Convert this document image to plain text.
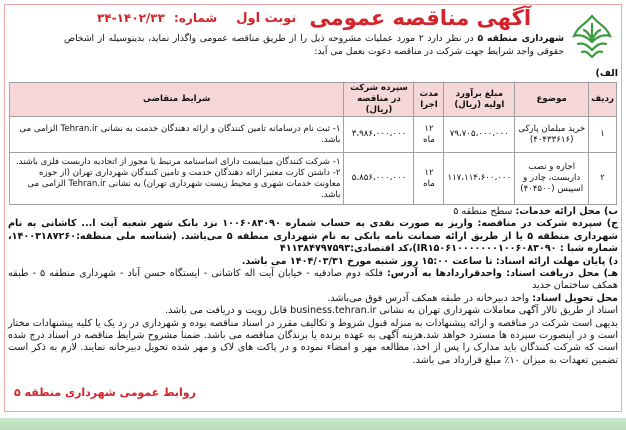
آگهی مناقصه عمومی نوبت اول شماره: ۳۴-۱۴۰۲/۳۳
شهرداری منطقه ۵ در نظر دارد ۲ مورد عملیات مشروحه ذیل را از طریق مناقصه عمومی واگذار نماید، بدینوسیله از اشخاص حقوقی واجد شرایط جهت شرکت در مناقصه دعوت بعمل می آید:
الف)
ردیف	موضوع	مبلغ برآورد اولیه (ریال)	مدت اجرا	سپرده شرکت در مناقصه (ریال)	شرایط متقاضی
۱	خرید مبلمان پارکی (۴۰۴۳۳۶۱۶)	۷۹،۷۰۵،۰۰۰،۰۰۰	۱۲ ماه	۳،۹۸۶،۰۰۰،۰۰۰	۱- ثبت نام درسامانه تامین کنندگان و ارائه دهندگان خدمت به نشانی Tehran.ir الزامی می باشد.
۲	اجاره و نصب داربست، چادر و اسپیس (۴۰۴۵۰۰)	۱۱۷،۱۱۴،۶۰۰،۰۰۰	۱۲ ماه	۵،۸۵۶،۰۰۰،۰۰۰	۱- شرکت کنندگان میبایست دارای اساسنامه مرتبط یا مجوز از اتحادیه داربست فلزی باشند. ۲- داشتن کارت معتبر ارائه دهندگان خدمت و تامین کنندگان شهرداری تهران (از حوزه معاونت خدمات شهری و محیط زیست شهرداری تهران) به نشانی Tehran.ir الزامی می باشد.

ب) محل ارائه خدمات: سطح منطقه ۵

ج) سپرده شرکت در مناقصه: واریز به صورت نقدی به حساب شماره ۱۰۰۶۰۸۳۰۹۰ نزد بانک شهر شعبه آیت ا... کاشانی به نام شهرداری منطقه ۵ یا از طریق ارائه ضمانت نامه بانکی به نام شهرداری منطقه ۵ می‌باشد. (شناسه ملی منطقه:۱۴۰۰۳۱۸۷۲۶۰، شماره شبا : IR۱۵۰۶۱۰۰۰۰۰۰۰۱۰۰۶۰۸۳۰۹۰)،کد اقتصادی:۴۱۱۳۸۴۷۹۷۵۹۳

د) پایان مهلت ارائه اسناد: تا ساعت ۱۵:۰۰ روز شنبه مورخ ۱۴۰۴/۰۳/۳۱ می باشد.

هـ) محل دریافت اسناد: واحدقراردادها به آدرس: فلکه دوم صادقیه - خیابان آیت اله کاشانی - ایستگاه حسن آباد - شهرداری منطقه ۵ - طبقه همکف ساختمان جدید

محل تحویل اسناد: واحد دبیرخانه در طبقه همکف آدرس فوق می‌باشد.

اسناد از طریق تالار آگهی معاملات شهرداری تهران به نشانی business.tehran.ir قابل رویت و دریافت می باشد.

بدیهی است شرکت در مناقصه و ارائه پیشنهادات به منزله قبول شروط و تکالیف مقرر در اسناد مناقصه بوده و شهرداری در رد یک یا کلیه پیشنهادات مختار است و در اینصورت سپرده ها مسترد خواهد شد.هزینه آگهی به عهده برنده یا برندگان مناقصه می باشد. ضمنا مشروح شرایط مناقصه در اسناد درج شده است که شرکت کنندگان باید مدارک را پس از اخذ، مطالعه مهر و امضاء نموده و در پاکت های لاک و مهر شده تحویل دبیرخانه نمایند. لازم به ذکر است تضمین تعهدات به میزان ۱۰٪ مبلغ قرارداد می باشد.

روابط عمومی شهرداری منطقه ۵
